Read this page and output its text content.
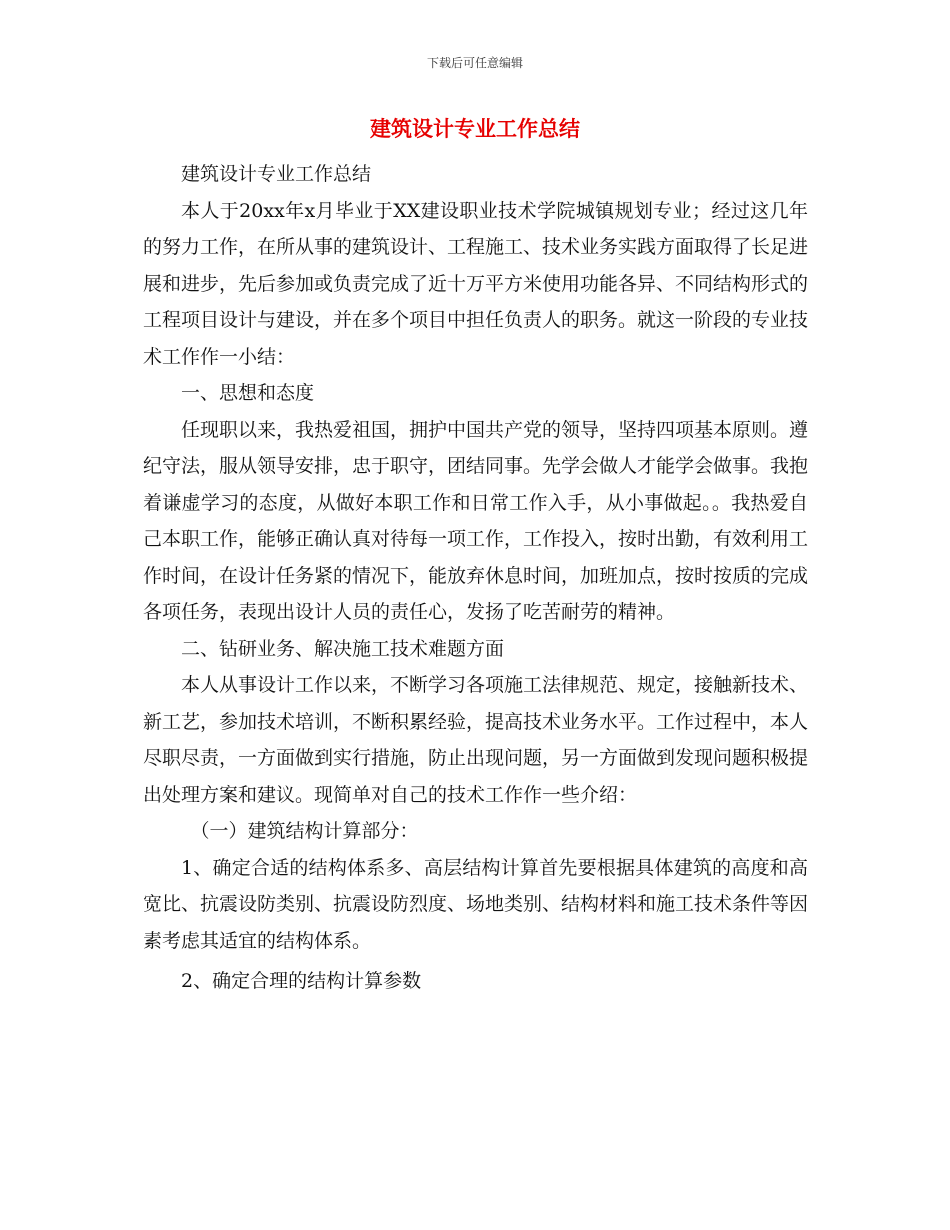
下载后可任意编辑
建筑设计专业工作总结

建筑设计专业工作总结

本人于20xx年x月毕业于XX建设职业技术学院城镇规划专业；经过这几年的努力工作，在所从事的建筑设计、工程施工、技术业务实践方面取得了长足进展和进步，先后参加或负责完成了近十万平方米使用功能各异、不同结构形式的工程项目设计与建设，并在多个项目中担任负责人的职务。就这一阶段的专业技术工作作一小结：

一、思想和态度

任现职以来，我热爱祖国，拥护中国共产党的领导，坚持四项基本原则。遵纪守法，服从领导安排，忠于职守，团结同事。先学会做人才能学会做事。我抱着谦虚学习的态度，从做好本职工作和日常工作入手，从小事做起。。我热爱自己本职工作，能够正确认真对待每一项工作，工作投入，按时出勤，有效利用工作时间，在设计任务紧的情况下，能放弃休息时间，加班加点，按时按质的完成各项任务，表现出设计人员的责任心，发扬了吃苦耐劳的精神。

二、钻研业务、解决施工技术难题方面

本人从事设计工作以来，不断学习各项施工法律规范、规定，接触新技术、新工艺，参加技术培训，不断积累经验，提高技术业务水平。工作过程中，本人尽职尽责，一方面做到实行措施，防止出现问题，另一方面做到发现问题积极提出处理方案和建议。现简单对自己的技术工作作一些介绍：

（一）建筑结构计算部分：

1、确定合适的结构体系多、高层结构计算首先要根据具体建筑的高度和高宽比、抗震设防类别、抗震设防烈度、场地类别、结构材料和施工技术条件等因素考虑其适宜的结构体系。

2、确定合理的结构计算参数
